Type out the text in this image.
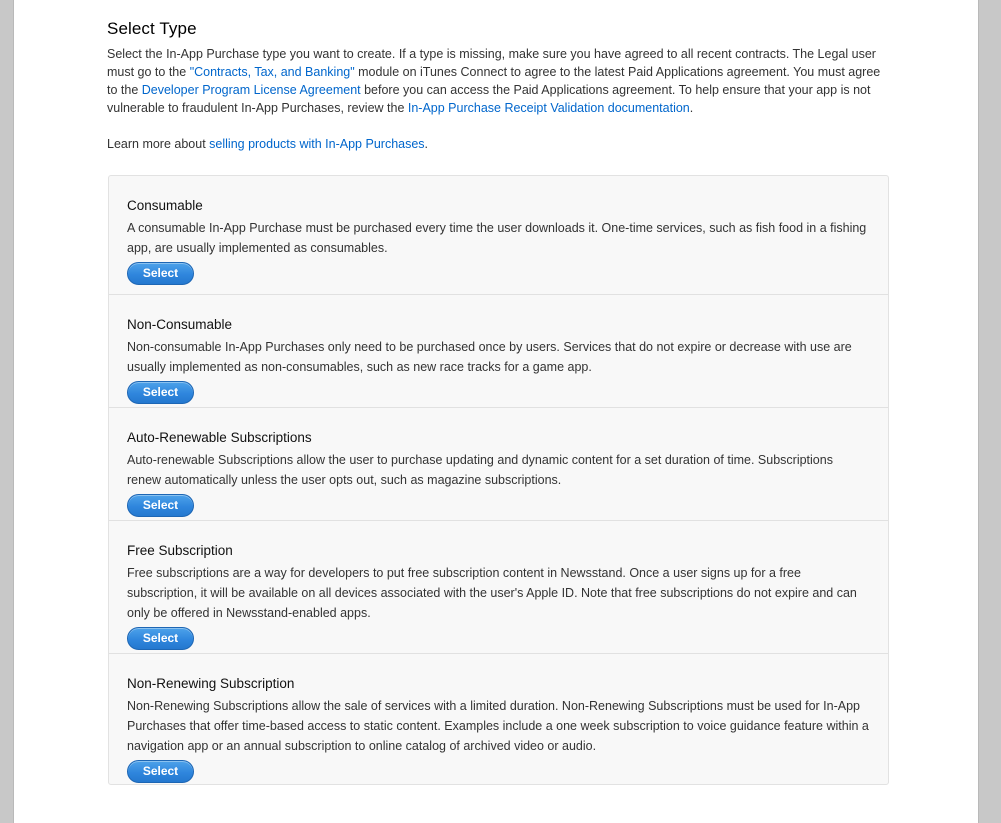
Select Type

Select the In-App Purchase type you want to create. If a type is missing, make sure you have agreed to all recent contracts. The Legal user must go to the "Contracts, Tax, and Banking" module on iTunes Connect to agree to the latest Paid Applications agreement. You must agree to the Developer Program License Agreement before you can access the Paid Applications agreement. To help ensure that your app is not vulnerable to fraudulent In-App Purchases, review the In-App Purchase Receipt Validation documentation.

Learn more about selling products with In-App Purchases.

Consumable
A consumable In-App Purchase must be purchased every time the user downloads it. One-time services, such as fish food in a fishing app, are usually implemented as consumables.
Select
Non-Consumable
Non-consumable In-App Purchases only need to be purchased once by users. Services that do not expire or decrease with use are usually implemented as non-consumables, such as new race tracks for a game app.
Select
Auto-Renewable Subscriptions
Auto-renewable Subscriptions allow the user to purchase updating and dynamic content for a set duration of time. Subscriptions renew automatically unless the user opts out, such as magazine subscriptions.
Select
Free Subscription
Free subscriptions are a way for developers to put free subscription content in Newsstand. Once a user signs up for a free subscription, it will be available on all devices associated with the user's Apple ID. Note that free subscriptions do not expire and can only be offered in Newsstand-enabled apps.
Select
Non-Renewing Subscription
Non-Renewing Subscriptions allow the sale of services with a limited duration. Non-Renewing Subscriptions must be used for In-App Purchases that offer time-based access to static content. Examples include a one week subscription to voice guidance feature within a navigation app or an annual subscription to online catalog of archived video or audio.
Select
